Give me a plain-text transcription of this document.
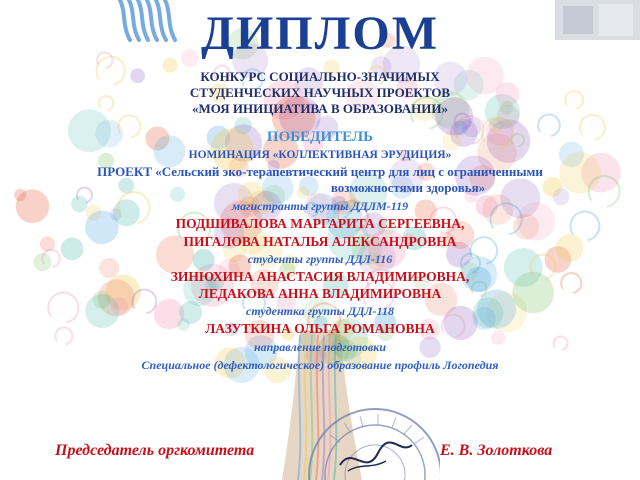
ДИПЛОМ
КОНКУРС СОЦИАЛЬНО-ЗНАЧИМЫХ
СТУДЕНЧЕСКИХ НАУЧНЫХ ПРОЕКТОВ
«МОЯ ИНИЦИАТИВА В ОБРАЗОВАНИИ»
ПОБЕДИТЕЛЬ
НОМИНАЦИЯ «КОЛЛЕКТИВНАЯ ЭРУДИЦИЯ»
ПРОЕКТ «Сельский эко-терапевтический центр для лиц с ограниченными
возможностями здоровья»
магистранты группы ДДЛМ-119
ПОДШИВАЛОВА МАРГАРИТА СЕРГЕЕВНА,
ПИГАЛОВА НАТАЛЬЯ АЛЕКСАНДРОВНА
студенты группы ДДЛ-116
ЗИНЮХИНА АНАСТАСИЯ ВЛАДИМИРОВНА,
ЛЕДАКОВА АННА ВЛАДИМИРОВНА
студентка группы ДДЛ-118
ЛАЗУТКИНА ОЛЬГА РОМАНОВНА
направление подготовки
Специальное (дефектологическое) образование профиль Логопедия
Председатель оргкомитета	Е. В. Золоткова
